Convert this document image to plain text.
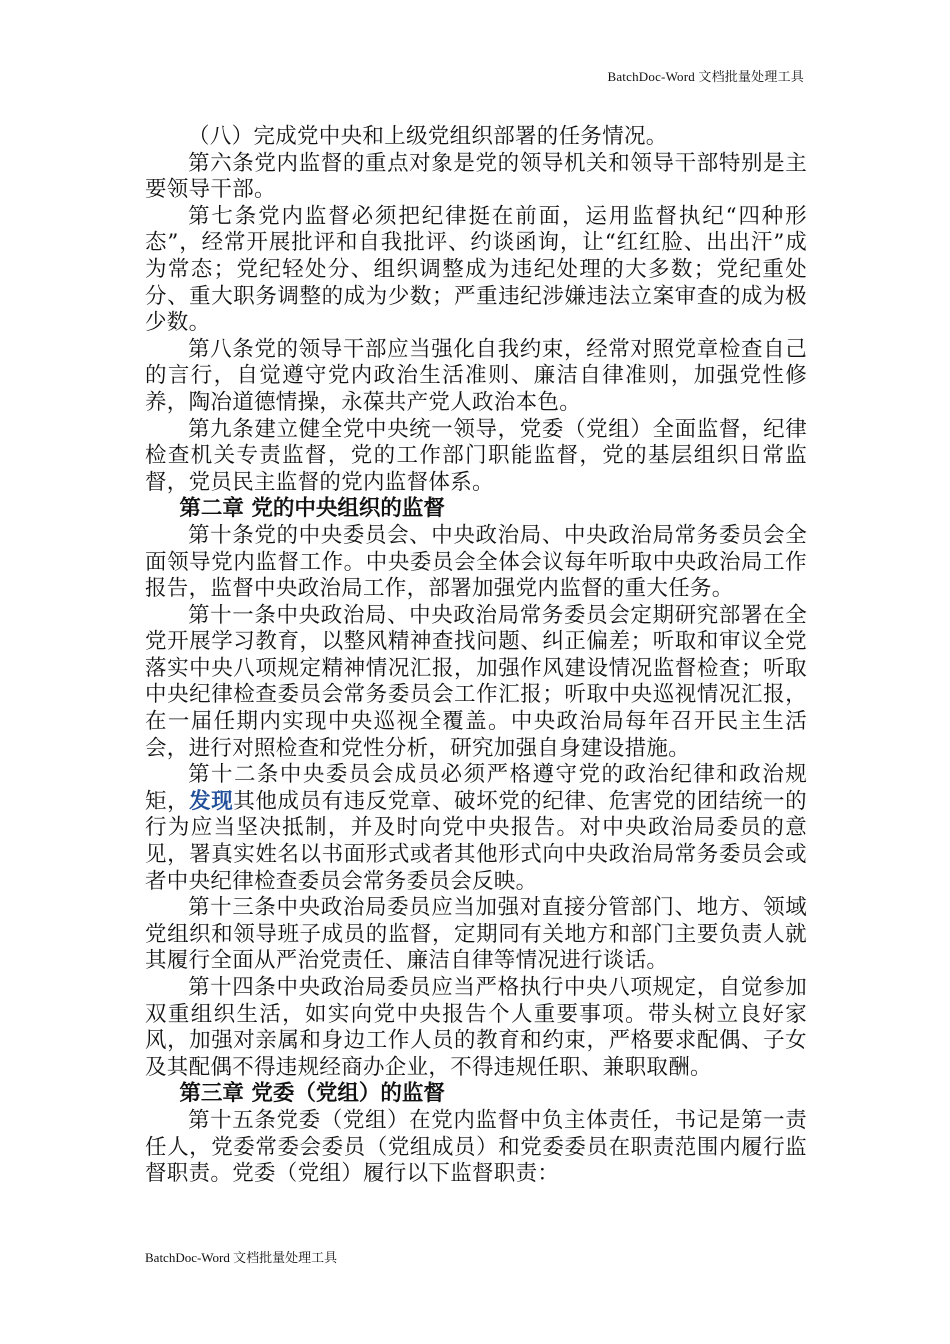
BatchDoc-Word 文档批量处理工具

（八）完成党中央和上级党组织部署的任务情况。

第六条党内监督的重点对象是党的领导机关和领导干部特别是主要领导干部。

第七条党内监督必须把纪律挺在前面，运用监督执纪“四种形态”，经常开展批评和自我批评、约谈函询，让“红红脸、出出汗”成为常态；党纪轻处分、组织调整成为违纪处理的大多数；党纪重处分、重大职务调整的成为少数；严重违纪涉嫌违法立案审查的成为极少数。

第八条党的领导干部应当强化自我约束，经常对照党章检查自己的言行，自觉遵守党内政治生活准则、廉洁自律准则，加强党性修养，陶冶道德情操，永葆共产党人政治本色。

第九条建立健全党中央统一领导，党委（党组）全面监督，纪律检查机关专责监督，党的工作部门职能监督，党的基层组织日常监督，党员民主监督的党内监督体系。

第二章 党的中央组织的监督

第十条党的中央委员会、中央政治局、中央政治局常务委员会全面领导党内监督工作。中央委员会全体会议每年听取中央政治局工作报告，监督中央政治局工作，部署加强党内监督的重大任务。

第十一条中央政治局、中央政治局常务委员会定期研究部署在全党开展学习教育，以整风精神查找问题、纠正偏差；听取和审议全党落实中央八项规定精神情况汇报，加强作风建设情况监督检查；听取中央纪律检查委员会常务委员会工作汇报；听取中央巡视情况汇报，在一届任期内实现中央巡视全覆盖。中央政治局每年召开民主生活会，进行对照检查和党性分析，研究加强自身建设措施。

第十二条中央委员会成员必须严格遵守党的政治纪律和政治规矩，发现其他成员有违反党章、破坏党的纪律、危害党的团结统一的行为应当坚决抵制，并及时向党中央报告。对中央政治局委员的意见，署真实姓名以书面形式或者其他形式向中央政治局常务委员会或者中央纪律检查委员会常务委员会反映。

第十三条中央政治局委员应当加强对直接分管部门、地方、领域党组织和领导班子成员的监督，定期同有关地方和部门主要负责人就其履行全面从严治党责任、廉洁自律等情况进行谈话。

第十四条中央政治局委员应当严格执行中央八项规定，自觉参加双重组织生活，如实向党中央报告个人重要事项。带头树立良好家风，加强对亲属和身边工作人员的教育和约束，严格要求配偶、子女及其配偶不得违规经商办企业，不得违规任职、兼职取酬。

第三章 党委（党组）的监督

第十五条党委（党组）在党内监督中负主体责任，书记是第一责任人，党委常委会委员（党组成员）和党委委员在职责范围内履行监督职责。党委（党组）履行以下监督职责：

BatchDoc-Word 文档批量处理工具
